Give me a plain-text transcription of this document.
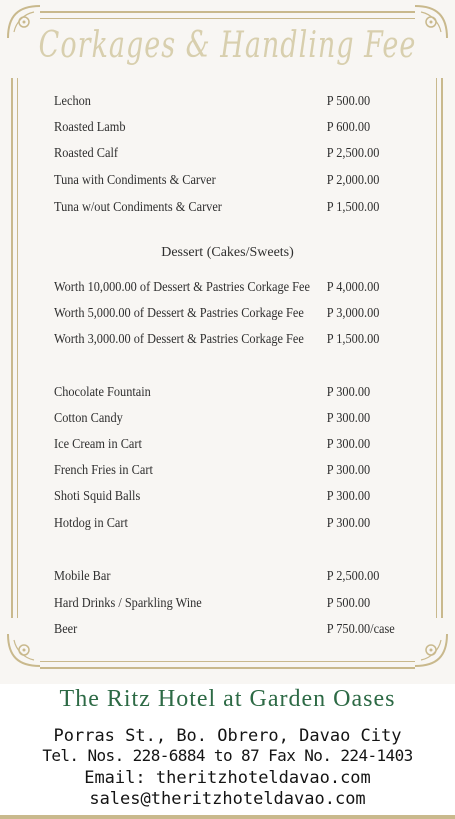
Corkages & Handling Fee
Lechon	P 500.00
Roasted Lamb	P 600.00
Roasted Calf	P 2,500.00
Tuna with Condiments & Carver	P 2,000.00
Tuna w/out Condiments & Carver	P 1,500.00
Dessert (Cakes/Sweets)
Worth 10,000.00 of Dessert & Pastries Corkage Fee P 4,000.00
Worth 5,000.00 of Dessert & Pastries Corkage Fee P 3,000.00
Worth 3,000.00 of Dessert & Pastries Corkage Fee P 1,500.00
Chocolate Fountain	P 300.00
Cotton Candy	P 300.00
Ice Cream in Cart	P 300.00
French Fries in Cart	P 300.00
Shoti Squid Balls	P 300.00
Hotdog in Cart	P 300.00
Mobile Bar	P 2,500.00
Hard Drinks / Sparkling Wine	P 500.00
Beer	P 750.00/case
The Ritz Hotel at Garden Oases
Porras St., Bo. Obrero, Davao City
Tel. Nos. 228-6884 to 87 Fax No. 224-1403
Email: theritzhoteldavao.com
sales@theritzhoteldavao.com
